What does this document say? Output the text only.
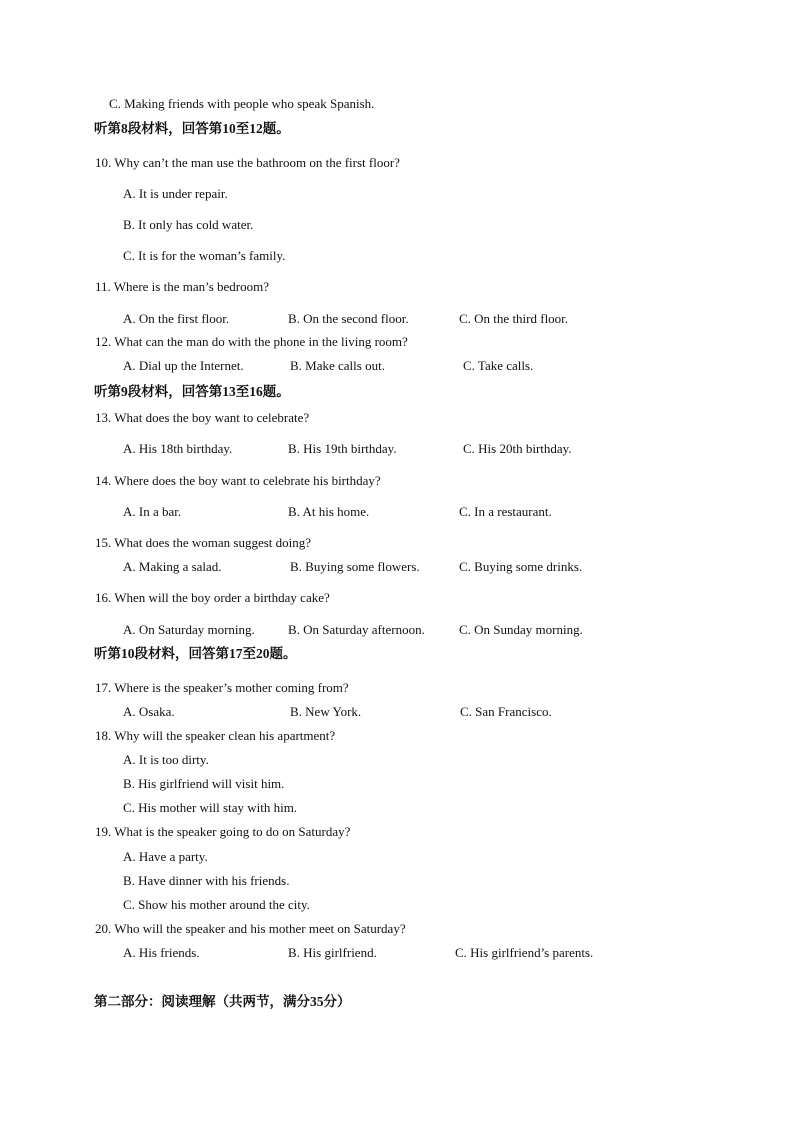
C. Making friends with people who speak Spanish.
听第8段材料，回答第10至12题。
10. Why can’t the man use the bathroom on the first floor?
A. It is under repair.
B. It only has cold water.
C. It is for the woman’s family.
11. Where is the man’s bedroom?
A. On the first floor.	B. On the second floor.	C. On the third floor.
12. What can the man do with the phone in the living room?
A. Dial up the Internet.	B. Make calls out.	C. Take calls.
听第9段材料，回答第13至16题。
13. What does the boy want to celebrate?
A. His 18th birthday.	B. His 19th birthday.	C. His 20th birthday.
14. Where does the boy want to celebrate his birthday?
A. In a bar.	B. At his home.	C. In a restaurant.
15. What does the woman suggest doing?
A. Making a salad.	B. Buying some flowers.	C. Buying some drinks.
16. When will the boy order a birthday cake?
A. On Saturday morning.	B. On Saturday afternoon.	C. On Sunday morning.
听第10段材料，回答第17至20题。
17. Where is the speaker’s mother coming from?
A. Osaka.	B. New York.	C. San Francisco.
18. Why will the speaker clean his apartment?
A. It is too dirty.
B. His girlfriend will visit him.
C. His mother will stay with him.
19. What is the speaker going to do on Saturday?
A. Have a party.
B. Have dinner with his friends.
C. Show his mother around the city.
20. Who will the speaker and his mother meet on Saturday?
A. His friends.	B. His girlfriend.	C. His girlfriend’s parents.
第二部分：阅读理解（共两节，满分35分）
